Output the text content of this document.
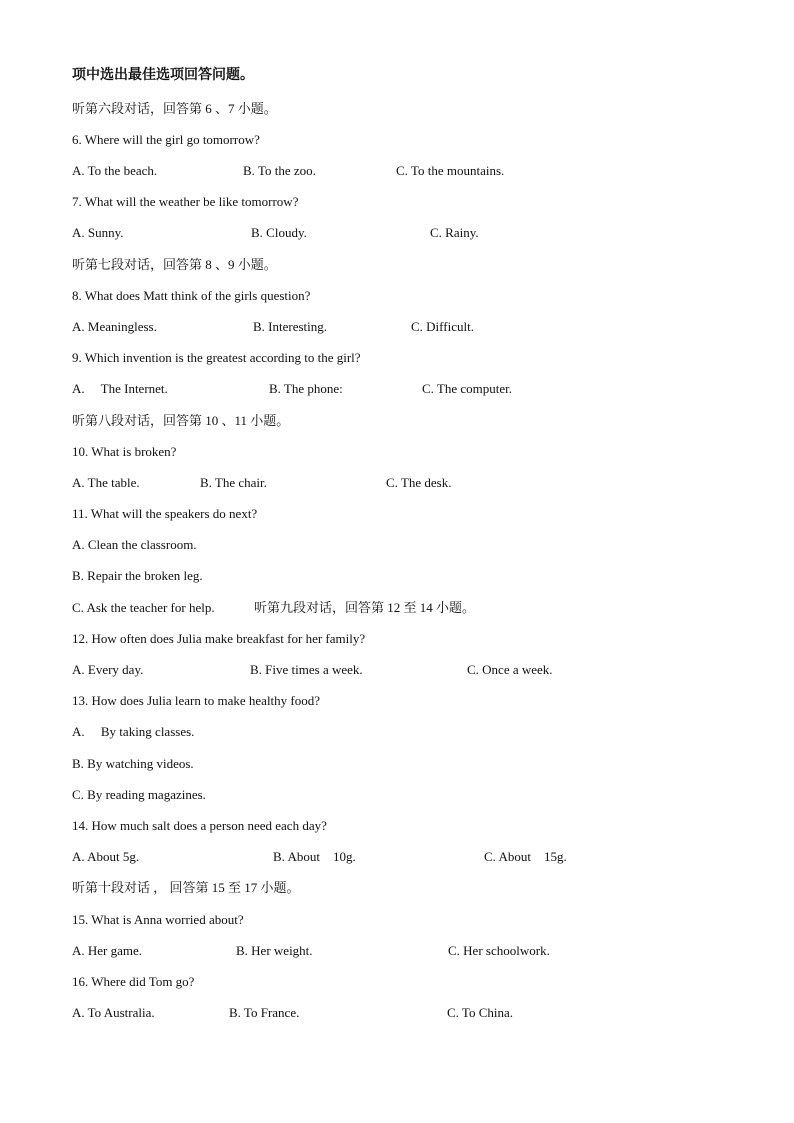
项中选出最佳选项回答问题。
听第六段对话，回答第 6 、7 小题。
6. Where will the girl go tomorrow?
A. To the beach.	B. To the zoo.	C. To the mountains.
7. What will the weather be like tomorrow?
A. Sunny.	B. Cloudy.	C. Rainy.
听第七段对话，回答第 8 、9 小题。
8. What does Matt think of the girls question?
A. Meaningless.	B. Interesting.	C. Difficult.
9. Which invention is the greatest according to the girl?
A.     The Internet.	B. The phone:	C. The computer.
听第八段对话，回答第 10 、11 小题。
10. What is broken?
A. The table.	B. The chair.	C. The desk.
11. What will the speakers do next?
A. Clean the classroom.
B. Repair the broken leg.
C. Ask the teacher for help.	听第九段对话，回答第 12 至 14 小题。
12. How often does Julia make breakfast for her family?
A. Every day.	B. Five times a week.	C. Once a week.
13. How does Julia learn to make healthy food?
A.     By taking classes.
B. By watching videos.
C. By reading magazines.
14. How much salt does a person need each day?
A. About 5g.	B. About    10g.	C. About    15g.
听第十段对话 ， 回答第 15 至 17 小题。
15. What is Anna worried about?
A. Her game.	B. Her weight.	C. Her schoolwork.
16. Where did Tom go?
A. To Australia.	B. To France.	C. To China.
